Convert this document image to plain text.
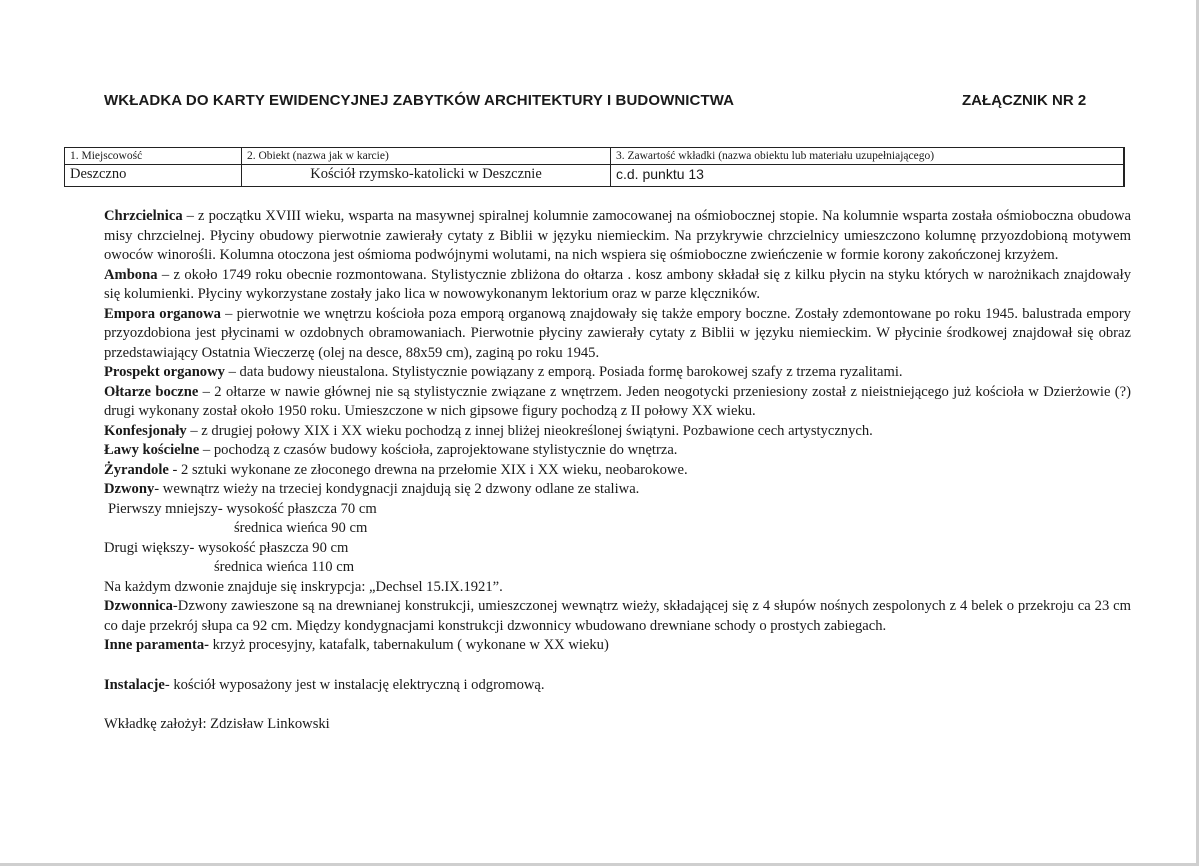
WKŁADKA DO KARTY EWIDENCYJNEJ ZABYTKÓW ARCHITEKTURY I BUDOWNICTWA	ZAŁĄCZNIK NR 2
1. Miejscowość
Deszczno
2. Obiekt (nazwa jak w karcie)
Kościół rzymsko-katolicki w Deszcznie
3. Zawartość wkładki (nazwa obiektu lub materiału uzupełniającego)
c.d. punktu 13

Chrzcielnica – z początku XVIII wieku, wsparta na masywnej spiralnej kolumnie zamocowanej na ośmiobocznej stopie. Na kolumnie wsparta została ośmioboczna obudowa misy chrzcielnej. Płyciny obudowy pierwotnie zawierały cytaty z Biblii w języku niemieckim. Na przykrywie chrzcielnicy umieszczono kolumnę przyozdobioną motywem owoców winorośli. Kolumna otoczona jest ośmioma podwójnymi wolutami, na nich wspiera się ośmioboczne zwieńczenie w formie korony zakończonej krzyżem.

Ambona – z około 1749 roku obecnie rozmontowana. Stylistycznie zbliżona do ołtarza . kosz ambony składał się z kilku płycin na styku których w narożnikach znajdowały się kolumienki. Płyciny wykorzystane zostały jako lica w nowowykonanym lektorium oraz w parze klęczników.

Empora organowa – pierwotnie we wnętrzu kościoła poza emporą organową znajdowały się także empory boczne. Zostały zdemontowane po roku 1945. balustrada empory przyozdobiona jest płycinami w ozdobnych obramowaniach. Pierwotnie płyciny zawierały cytaty z Biblii w języku niemieckim. W płycinie środkowej znajdował się obraz przedstawiający Ostatnia Wieczerzę (olej na desce, 88x59 cm), zaginą po roku 1945.

Prospekt organowy – data budowy nieustalona. Stylistycznie powiązany z emporą. Posiada formę barokowej szafy z trzema ryzalitami.

Ołtarze boczne – 2 ołtarze w nawie głównej nie są stylistycznie związane z wnętrzem. Jeden neogotycki przeniesiony został z nieistniejącego już kościoła w Dzierżowie (?) drugi wykonany został około 1950 roku. Umieszczone w nich gipsowe figury pochodzą z II połowy XX wieku.

Konfesjonały – z drugiej połowy XIX i XX wieku pochodzą z innej bliżej nieokreślonej świątyni. Pozbawione cech artystycznych.

Ławy kościelne – pochodzą z czasów budowy kościoła, zaprojektowane stylistycznie do wnętrza.

Żyrandole - 2 sztuki wykonane ze złoconego drewna na przełomie XIX i XX wieku, neobarokowe.

Dzwony- wewnątrz wieży na trzeciej kondygnacji znajdują się 2 dzwony odlane ze staliwa.

Pierwszy mniejszy- wysokość płaszcza 70 cm

średnica wieńca 90 cm

Drugi większy- wysokość płaszcza 90 cm

średnica wieńca 110 cm

Na każdym dzwonie znajduje się inskrypcja: „Dechsel 15.IX.1921”.

Dzwonnica-Dzwony zawieszone są na drewnianej konstrukcji, umieszczonej wewnątrz wieży, składającej się z 4 słupów nośnych zespolonych z 4 belek o przekroju ca 23 cm co daje przekrój słupa ca 92 cm. Między kondygnacjami konstrukcji dzwonnicy wbudowano drewniane schody o prostych zabiegach.

Inne paramenta- krzyż procesyjny, katafalk, tabernakulum ( wykonane w XX wieku)

Instalacje- kościół wyposażony jest w instalację elektryczną i odgromową.

Wkładkę założył: Zdzisław Linkowski
